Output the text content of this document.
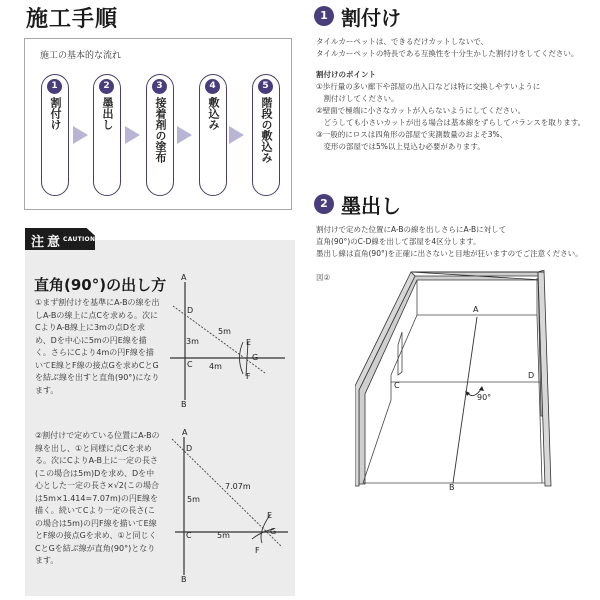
施工手順
施工の基本的な流れ
1
割付け
2
墨出し
3
接着剤の塗布
4
敷込み
5
階段の敷込み
注意 CAUTION
直角(90°)の出し方
①まず割付けを基準にA-Bの線を出しA-Bの線上に点Cを求める。次にCよりA-B線上に3mの点Dを求め、Dを中心に5mの円E線を描く。さらにCより4mの円F線を描いてE線とF線の接点Gを求めCとGを結ぶ線を出すと直角(90°)になります。
A
B
C
D
E
F
G
3m
4m
5m
②割付けで定めている位置にA-Bの線を出し、①と同様に点Cを求める。次にCよりA-B上に一定の長さ(この場合は5m)Dを求め、Dを中心とした一定の長さ×√2(この場合は5m×1.414=7.07m)の円E線を描く。続いてCより一定の長さ(この場合は5m)の円F線を描いてE線とF線の接点Gを求め、①と同じくCとGを結ぶ線が直角(90°)となります。
A
B
C
D
E
F
G
5m
5m
7.07m
1 割付け
タイルカーペットは、できるだけカットしないで、
タイルカーペットの特長である互換性を十分生かした割付けをしてください。
割付けのポイント
①歩行量の多い廊下や部屋の出入口などは特に交換しやすいように
　割付けしてください。
②壁面で極端に小さなカットが入らないようにしてください。
　どうしても小さいカットが出る場合は基本線をずらしてバランスを取ります。
③一般的にロスは四角形の部屋で実測数量のおよそ3%、
　変形の部屋では5%以上見込む必要があります。
2 墨出し
割付けで定めた位置にA-Bの線を出しさらにA-Bに対して
直角(90°)のC-D線を出して部屋を4区分します。
墨出し線は直角(90°)を正確に出さないと目地が狂いますのでご注意ください。
図②
A
B
C
D
90°
